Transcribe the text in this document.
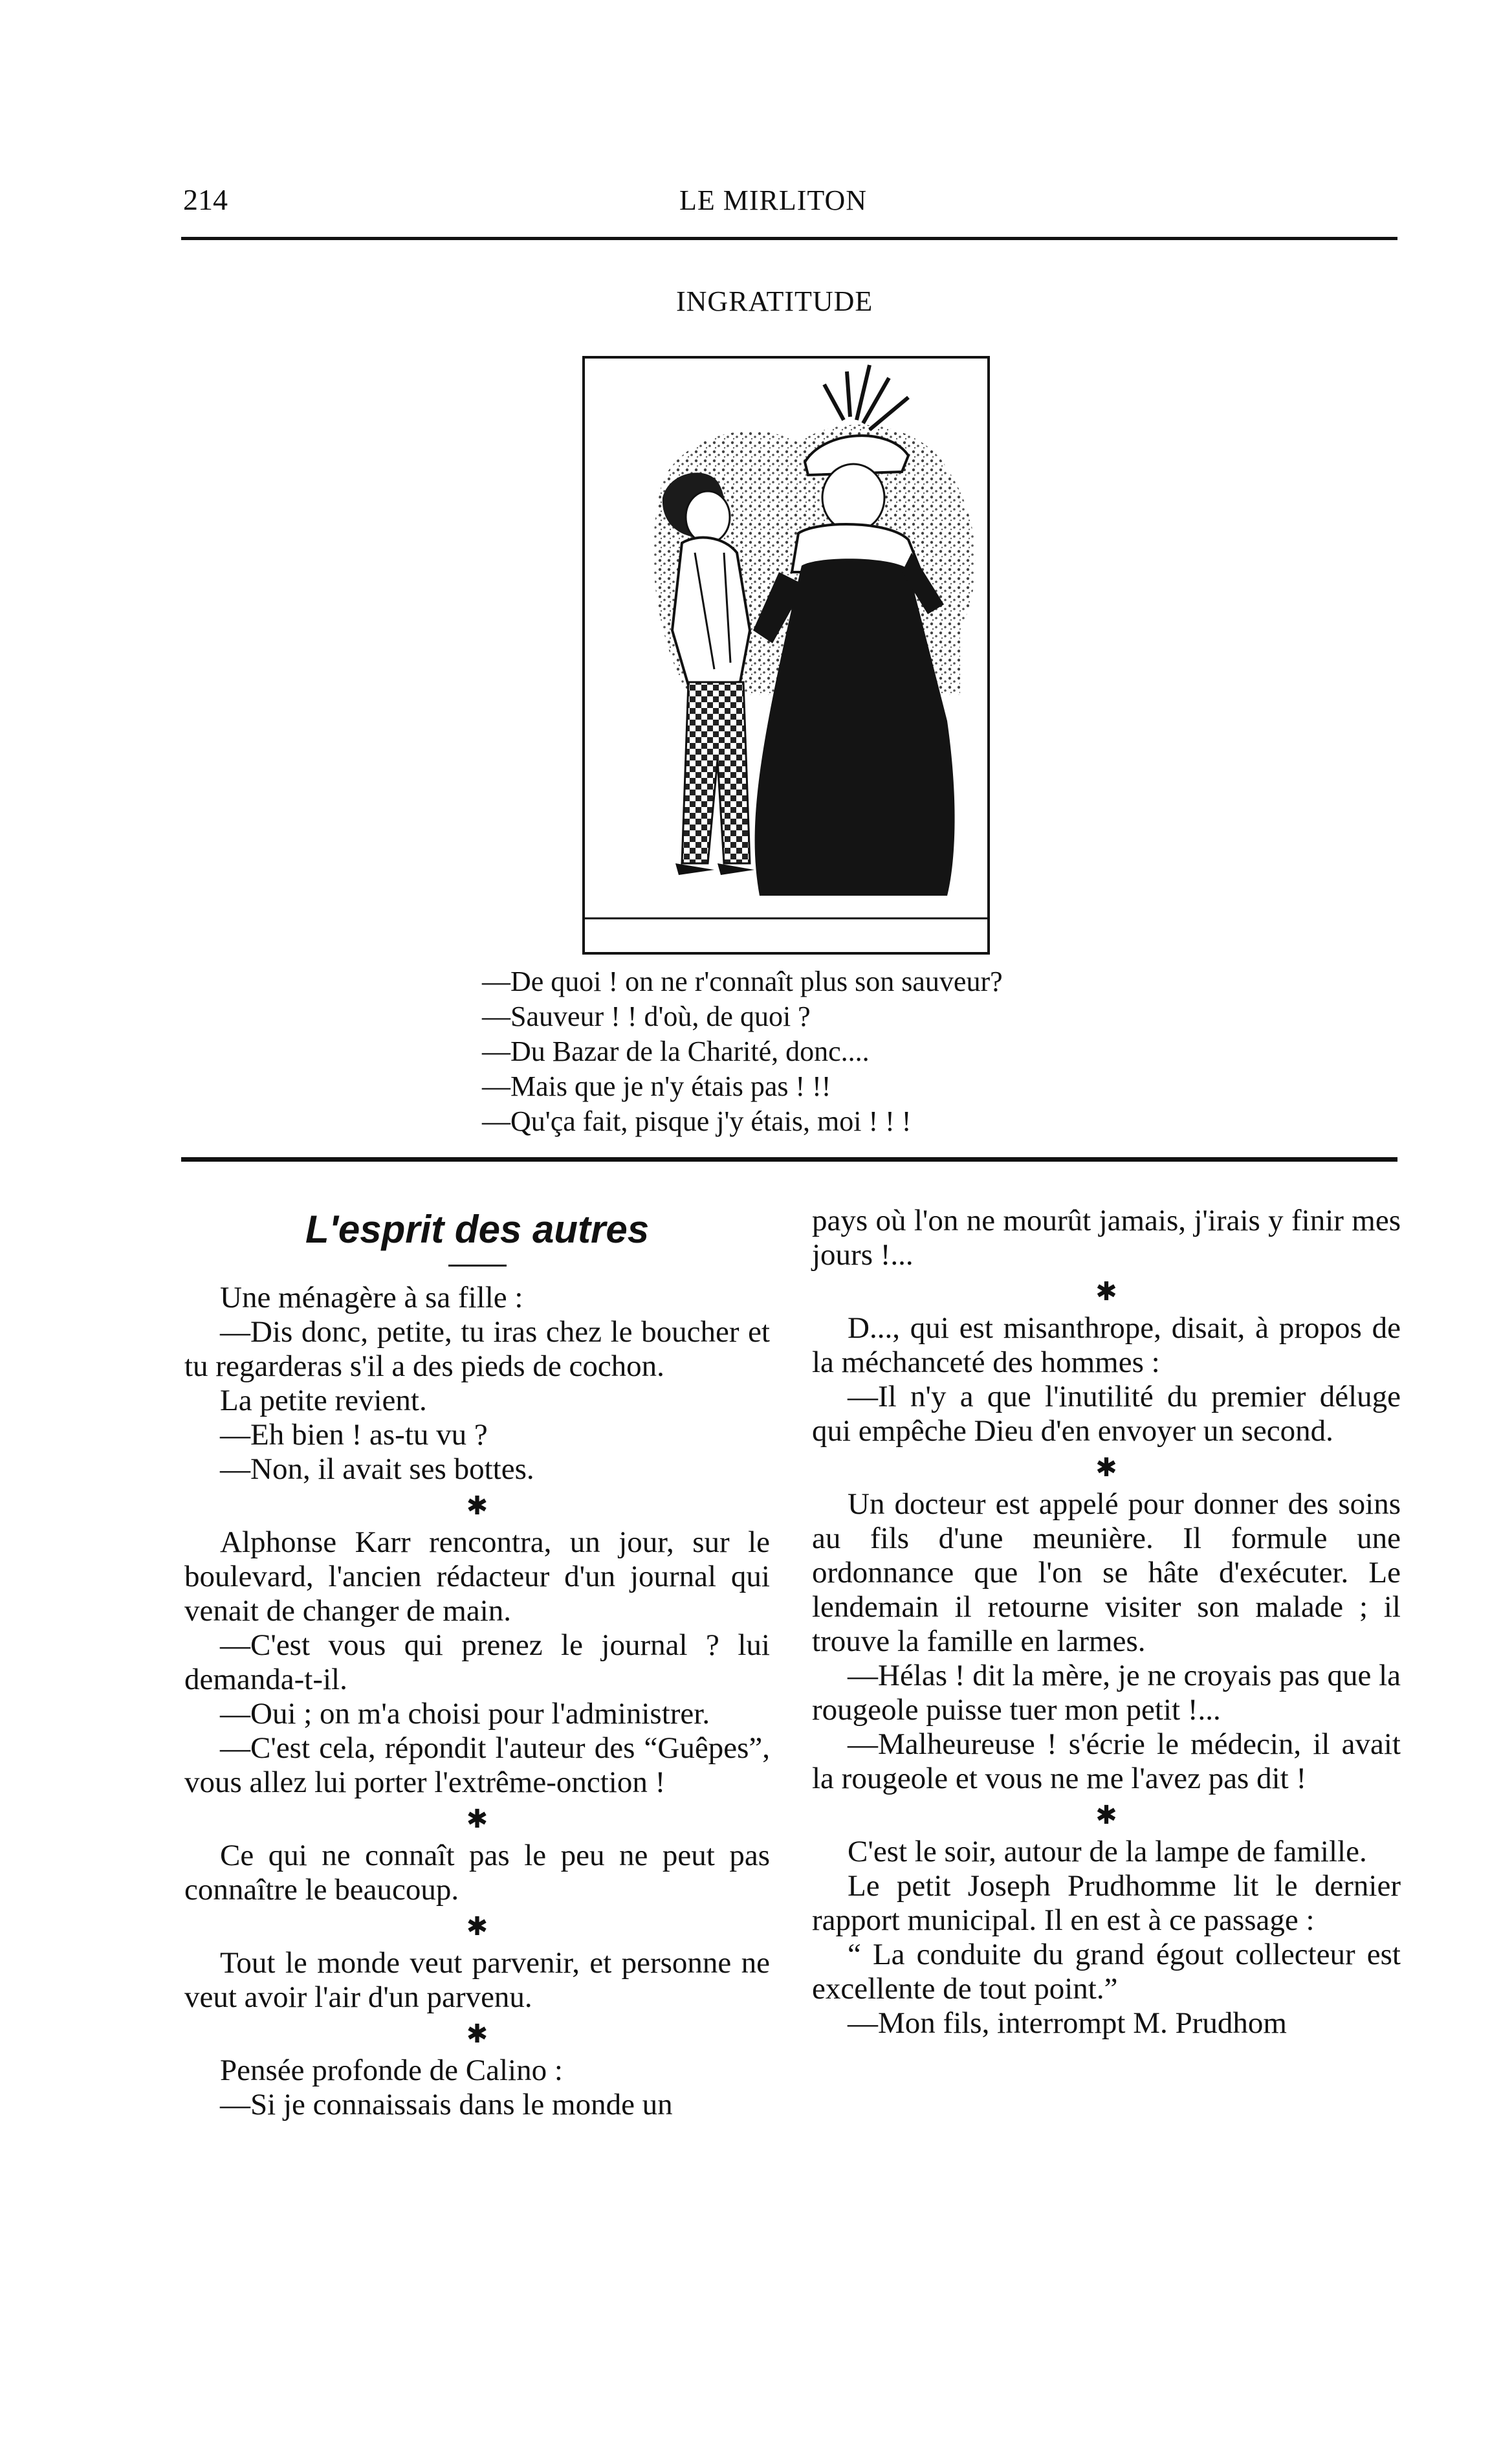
214	LE MIRLITON
INGRATITUDE
—De quoi ! on ne r'connaît plus son sauveur?
—Sauveur ! ! d'où, de quoi ?
—Du Bazar de la Charité, donc....
—Mais que je n'y étais pas ! !!
—Qu'ça fait, pisque j'y étais, moi ! ! !
L'esprit des autres
Une ménagère à sa fille :
—Dis donc, petite, tu iras chez le boucher et tu regarderas s'il a des pieds de cochon.
La petite revient.
—Eh bien ! as-tu vu ?
—Non, il avait ses bottes.
✱
Alphonse Karr rencontra, un jour, sur le boulevard, l'ancien rédacteur d'un journal qui venait de changer de main.
—C'est vous qui prenez le journal ? lui demanda-t-il.
—Oui ; on m'a choisi pour l'administrer.
—C'est cela, répondit l'auteur des “Guêpes”, vous allez lui porter l'extrême-onction !
✱
Ce qui ne connaît pas le peu ne peut pas connaître le beaucoup.
✱
Tout le monde veut parvenir, et personne ne veut avoir l'air d'un parvenu.
✱
Pensée profonde de Calino :
—Si je connaissais dans le monde un
pays où l'on ne mourût jamais, j'irais y finir mes jours !...
✱
D..., qui est misanthrope, disait, à propos de la méchanceté des hommes :
—Il n'y a que l'inutilité du premier déluge qui empêche Dieu d'en envoyer un second.
✱
Un docteur est appelé pour donner des soins au fils d'une meunière. Il formule une ordonnance que l'on se hâte d'exécuter. Le lendemain il retourne visiter son malade ; il trouve la famille en larmes.
—Hélas ! dit la mère, je ne croyais pas que la rougeole puisse tuer mon petit !...
—Malheureuse ! s'écrie le médecin, il avait la rougeole et vous ne me l'avez pas dit !
✱
C'est le soir, autour de la lampe de famille.
Le petit Joseph Prudhomme lit le dernier rapport municipal. Il en est à ce passage :
“ La conduite du grand égout collecteur est excellente de tout point.”
—Mon fils, interrompt M. Prudhom
